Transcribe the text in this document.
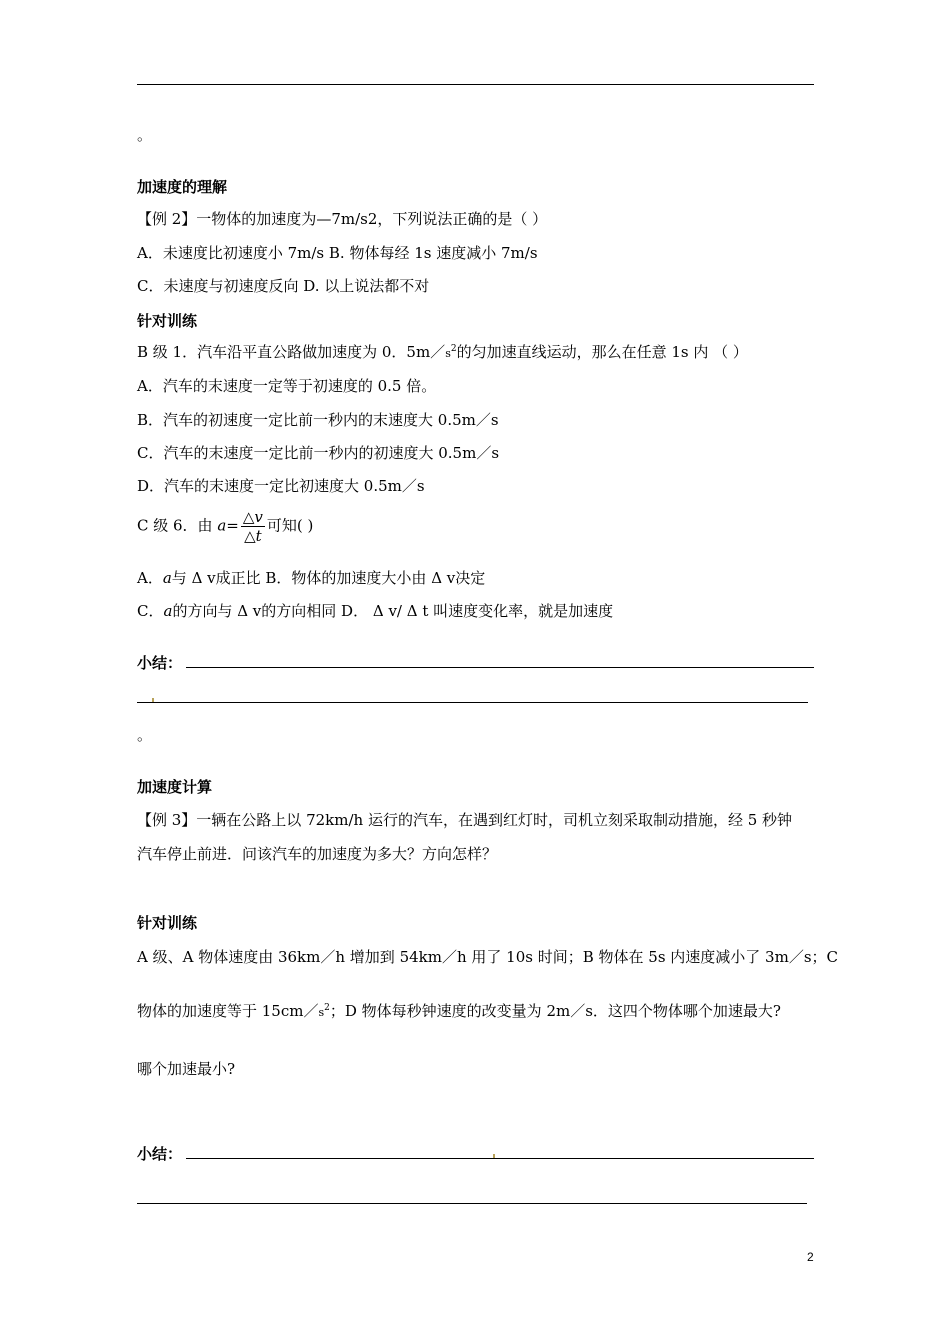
。
加速度的理解
【例 2】一物体的加速度为—7m/s2，下列说法正确的是（ ）
A．未速度比初速度小 7m/s B. 物体每经 1s 速度减小 7m/s
C．未速度与初速度反向 D. 以上说法都不对
针对训练
B 级 1．汽车沿平直公路做加速度为 0．$5m/s^2$的匀加速直线运动，那么在任意 1s 内 （ ）
A．汽车的末速度一定等于初速度的 0.5 倍。
B．汽车的初速度一定比前一秒内的末速度大 0.5m／s
C．汽车的末速度一定比前一秒内的初速度大 0.5m／s
D．汽车的末速度一定比初速度大 0.5m／s
C 级 6．由 $a= \frac{\triangle v}{\triangle t}$ 可知( )
A．a与 Δ v成正比 B．物体的加速度大小由 Δ v决定
C．a的方向与 Δ v的方向相同 D． Δ v/ Δ t 叫速度变化率，就是加速度
小结：
。
加速度计算
【例 3】一辆在公路上以 72km/h 运行的汽车，在遇到红灯时，司机立刻采取制动措施，经 5 秒钟
汽车停止前进．问该汽车的加速度为多大？方向怎样？
针对训练
A 级、A 物体速度由 36km／h 增加到 54km／h 用了 10s 时间；B 物体在 5s 内速度减小了 3m／s；C
物体的加速度等于 $15cm/s^2$；D 物体每秒钟速度的改变量为 2m／s．这四个物体哪个加速最大?
哪个加速最小?
小结：
2
